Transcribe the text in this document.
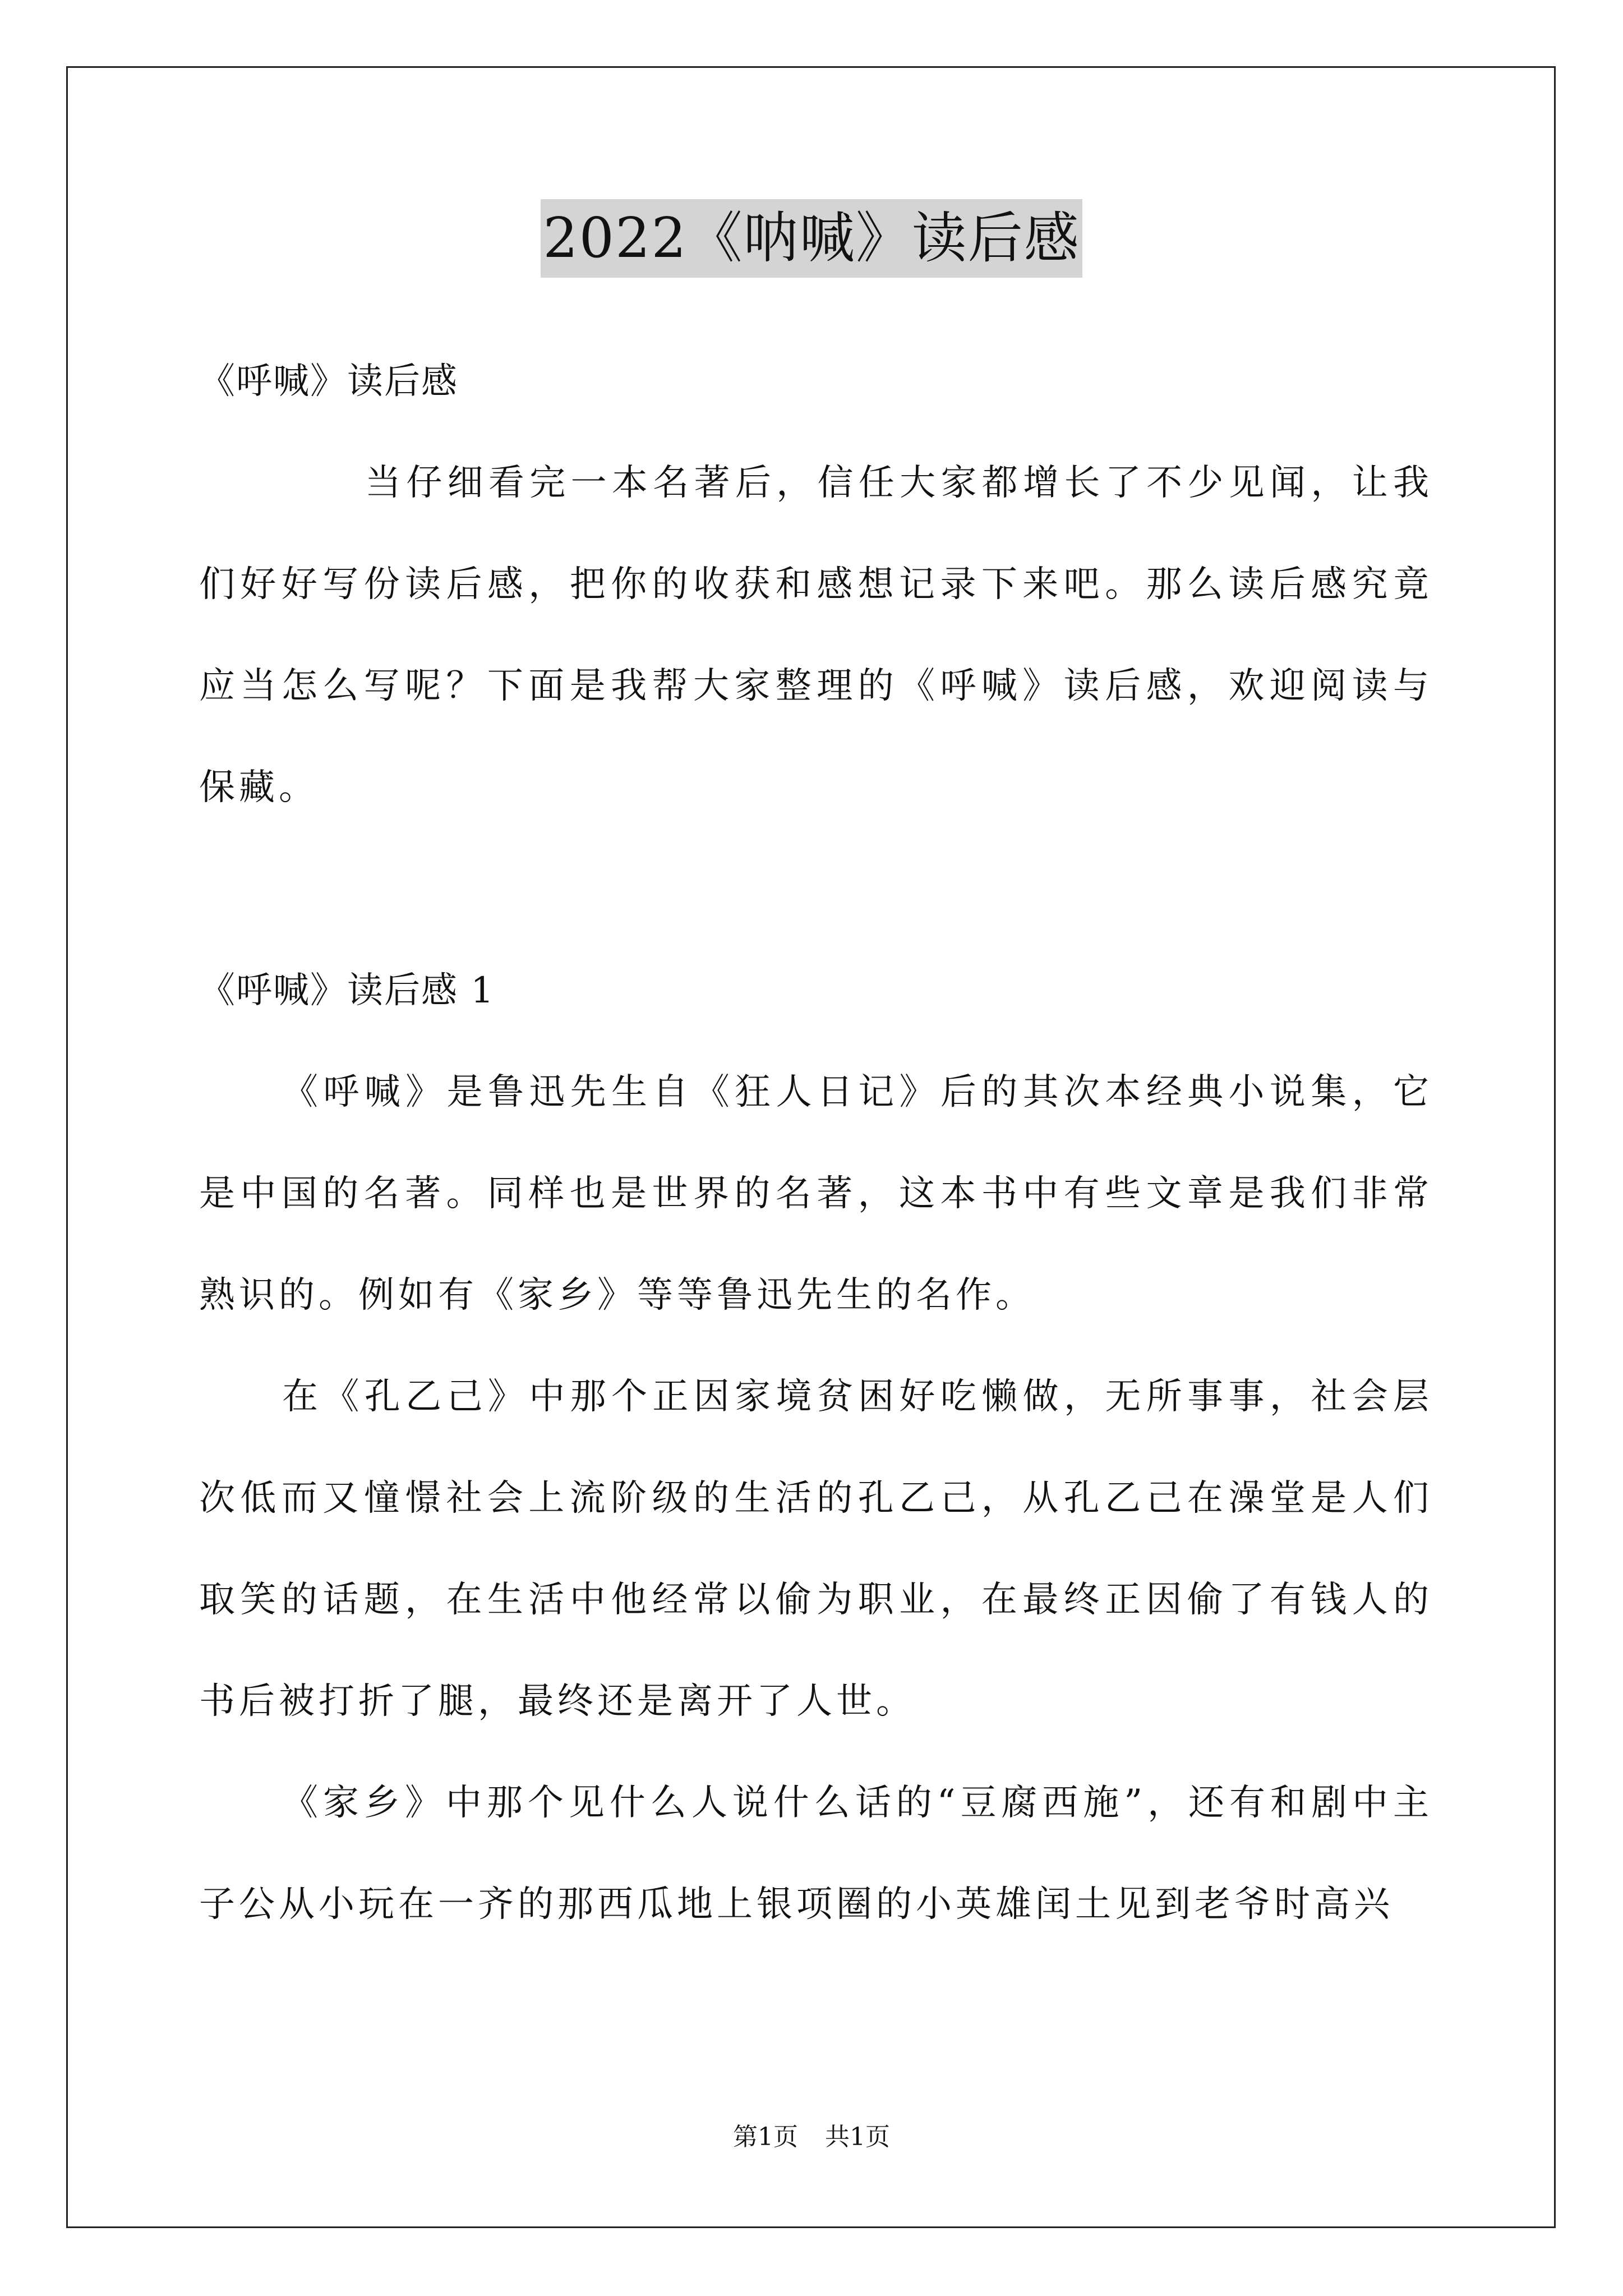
2022《呐喊》读后感

《呼喊》读后感

当仔细看完一本名著后，信任大家都增长了不少见闻，让我们好好写份读后感，把你的收获和感想记录下来吧。那么读后感究竟应当怎么写呢？下面是我帮大家整理的《呼喊》读后感，欢迎阅读与保藏。

《呼喊》读后感 1

《呼喊》是鲁迅先生自《狂人日记》后的其次本经典小说集，它是中国的名著。同样也是世界的名著，这本书中有些文章是我们非常熟识的。例如有《家乡》等等鲁迅先生的名作。

在《孔乙己》中那个正因家境贫困好吃懒做，无所事事，社会层次低而又憧憬社会上流阶级的生活的孔乙己，从孔乙己在澡堂是人们取笑的话题，在生活中他经常以偷为职业，在最终正因偷了有钱人的书后被打折了腿，最终还是离开了人世。

《家乡》中那个见什么人说什么话的“豆腐西施”，还有和剧中主子公从小玩在一齐的那西瓜地上银项圈的小英雄闰土见到老爷时高兴

第1页 共1页
